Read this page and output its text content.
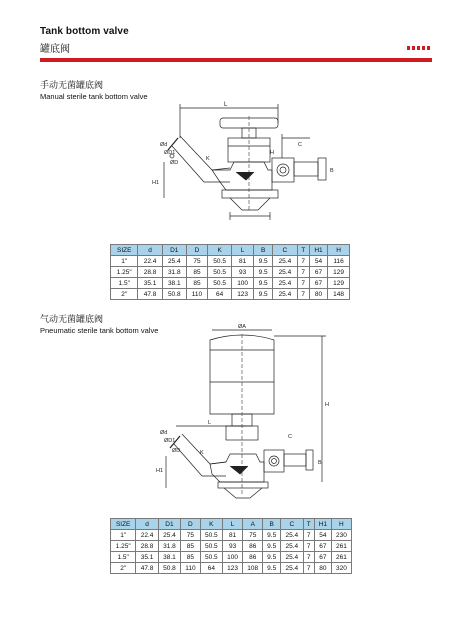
Tank bottom valve
罐底阀
手动无菌罐底阀
Manual sterile tank bottom valve
L
Ød
ØD1
ØD
K
H1
C
H
B
SIZE	d	D1	D	K	L	B	C	T	H1	H
1"	22.4	25.4	75	50.5	81	9.5	25.4	7	54	116
1.25"	28.8	31.8	85	50.5	93	9.5	25.4	7	67	129
1.5"	35.1	38.1	85	50.5	100	9.5	25.4	7	67	129
2"	47.8	50.8	110	64	123	9.5	25.4	7	80	148
气动无菌罐底阀
Pneumatic sterile tank bottom valve	ØA
H
L
Ød
ØD1
ØD	K
H1
C
B
SIZE	d	D1	D	K	L	A	B	C	T	H1	H
1"	22.4	25.4	75	50.5	81	75	9.5	25.4	7	54	230
1.25"	28.8	31.8	85	50.5	93	86	9.5	25.4	7	67	261
1.5"	35.1	38.1	85	50.5	100	86	9.5	25.4	7	67	261
2"	47.8	50.8	110	64	123	108	9.5	25.4	7	80	320
